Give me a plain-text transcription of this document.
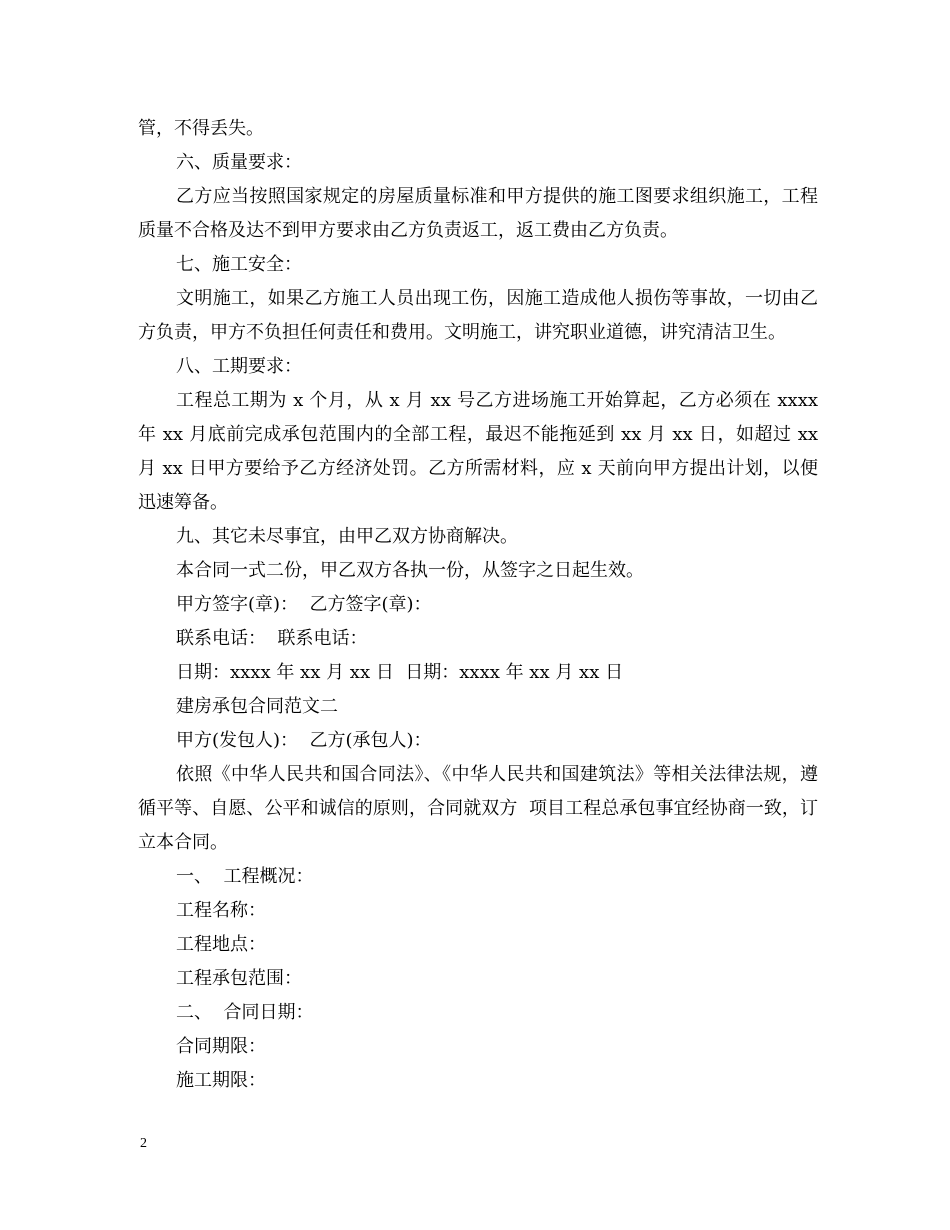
管，不得丢失。

六、质量要求：

乙方应当按照国家规定的房屋质量标准和甲方提供的施工图要求组织施工，工程质量不合格及达不到甲方要求由乙方负责返工，返工费由乙方负责。

七、施工安全：

文明施工，如果乙方施工人员出现工伤，因施工造成他人损伤等事故，一切由乙方负责，甲方不负担任何责任和费用。文明施工，讲究职业道德，讲究清洁卫生。

八、工期要求：

工程总工期为 x 个月，从 x 月 xx 号乙方进场施工开始算起，乙方必须在 xxxx 年 xx 月底前完成承包范围内的全部工程，最迟不能拖延到 xx 月 xx 日，如超过 xx 月 xx 日甲方要给予乙方经济处罚。乙方所需材料，应 x 天前向甲方提出计划，以便迅速筹备。

九、其它未尽事宜，由甲乙双方协商解决。

本合同一式二份，甲乙双方各执一份，从签字之日起生效。

甲方签字(章)：  乙方签字(章)：

联系电话：  联系电话：

日期：xxxx 年 xx 月 xx 日  日期：xxxx 年 xx 月 xx 日

建房承包合同范文二

甲方(发包人)：  乙方(承包人)：

依照《中华人民共和国合同法》、《中华人民共和国建筑法》等相关法律法规，遵循平等、自愿、公平和诚信的原则，合同就双方  项目工程总承包事宜经协商一致，订立本合同。

一、  工程概况：

工程名称：

工程地点：

工程承包范围：

二、  合同日期：

合同期限：

施工期限：

2
